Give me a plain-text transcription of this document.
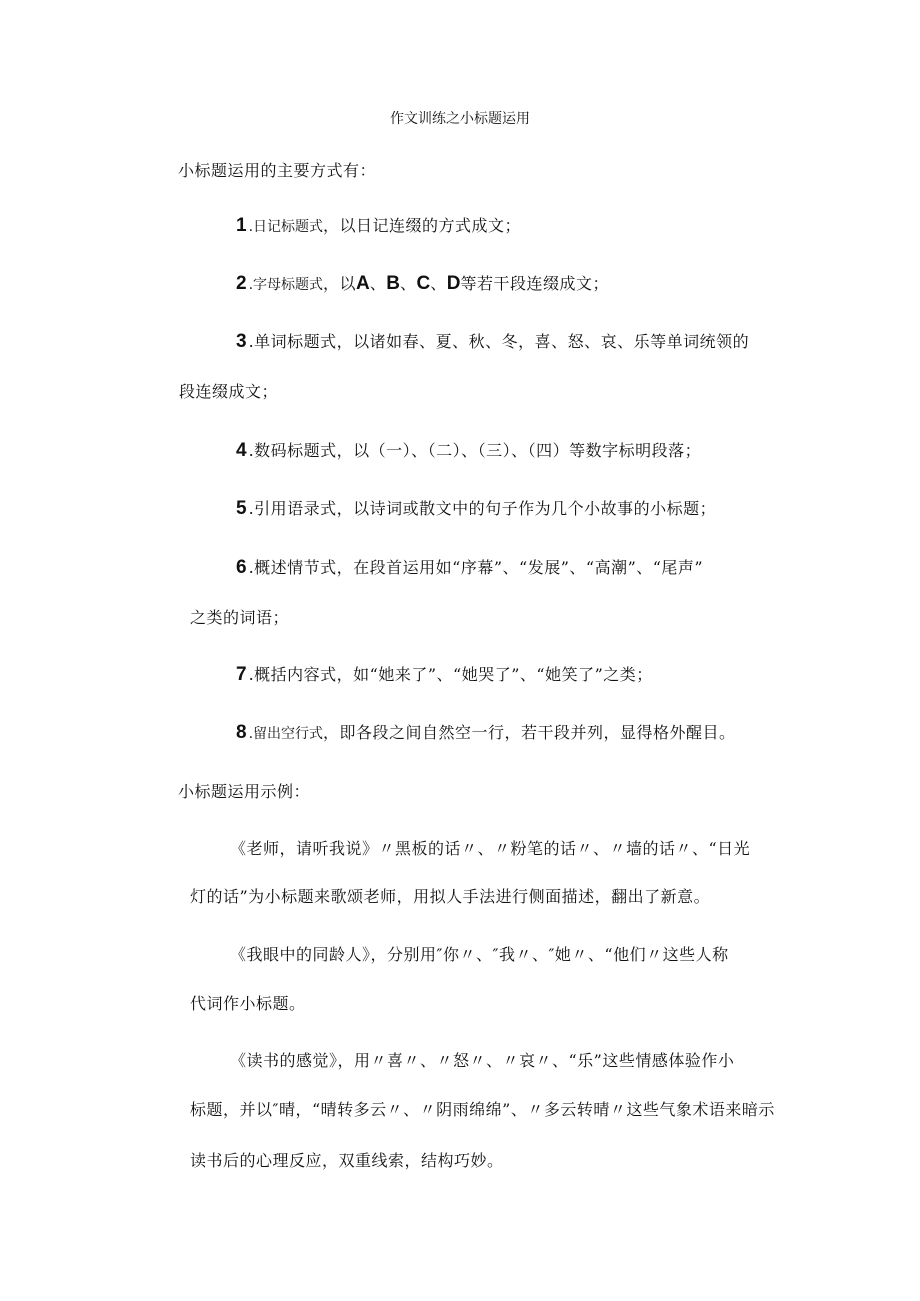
作文训练之小标题运用
小标题运用的主要方式有：
1 .日记标题式，以日记连缀的方式成文；
2 .字母标题式，以A、B、C、D等若干段连缀成文；
3 .单词标题式，以诸如春、夏、秋、冬，喜、怒、哀、乐等单词统领的
段连缀成文；
4 .数码标题式，以（一）、（二）、（三）、（四）等数字标明段落；
5 .引用语录式，以诗词或散文中的句子作为几个小故事的小标题；
6 .概述情节式，在段首运用如“序幕”、“发展”、“高潮”、“尾声”
之类的词语；
7 .概括内容式，如“她来了”、“她哭了”、“她笑了”之类；
8 .留出空行式，即各段之间自然空一行，若干段并列，显得格外醒目。
小标题运用示例：
《老师，请听我说》〃黑板的话〃、〃粉笔的话〃、〃墙的话〃、“日光
灯的话”为小标题来歌颂老师，用拟人手法进行侧面描述，翻出了新意。
《我眼中的同龄人》，分别用″你〃、″我〃、″她〃、“他们〃这些人称
代词作小标题。
《读书的感觉》，用〃喜〃、〃怒〃、〃哀〃、“乐”这些情感体验作小
标题，并以″晴，“晴转多云〃、〃阴雨绵绵”、〃多云转晴〃这些气象术语来暗示
读书后的心理反应，双重线索，结构巧妙。
